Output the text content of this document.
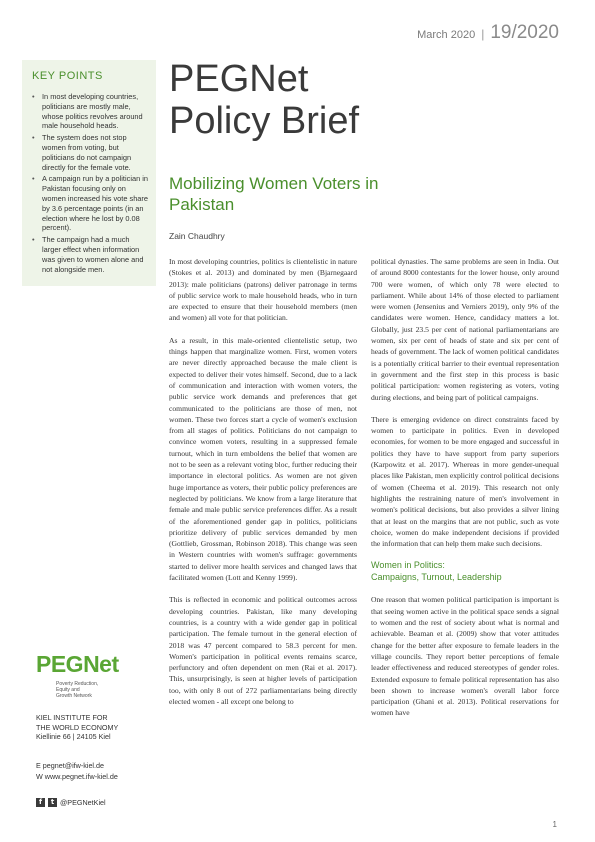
March 2020 | 19/2020
KEY POINTS
• In most developing countries, politicians are mostly male, whose politics revolves around male household heads.
• The system does not stop women from voting, but politicians do not campaign directly for the female vote.
• A campaign run by a politician in Pakistan focusing only on women increased his vote share by 3.6 percentage points (in an election where he lost by 0.08 percent).
• The campaign had a much larger effect when information was given to women alone and not alongside men.
PEGNet
Policy Brief
Mobilizing Women Voters in Pakistan
Zain Chaudhry

In most developing countries, politics is clientelistic in nature (Stokes et al. 2013) and dominated by men (Bjarnegaard 2013): male politicians (patrons) deliver patronage in terms of public service work to male household heads, who in turn are expected to ensure that their household members (men and women) all vote for that politician.

As a result, in this male-oriented clientelistic setup, two things happen that marginalize women. First, women voters are never directly approached because the male client is expected to deliver their votes himself. Second, due to a lack of communication and interaction with women voters, the public service work demands and preferences that get communicated to the politicians are those of men, not women. These two forces start a cycle of women's exclusion from all stages of politics. Politicians do not campaign to convince women voters, resulting in a suppressed female turnout, which in turn emboldens the belief that women are not to be seen as a relevant voting bloc, further reducing their importance in electoral politics. As women are not given huge importance as voters, their public policy preferences are neglected by politicians. We know from a large literature that female and male public service preferences differ. As a result of the aforementioned gender gap in politics, politicians prioritize delivery of public services demanded by men (Gottlieb, Grossman, Robinson 2018). This change was seen in Western countries with women's suffrage: governments started to deliver more health services and changed laws that facilitated women (Lott and Kenny 1999).

This is reflected in economic and political outcomes across developing countries. Pakistan, like many developing countries, is a country with a wide gender gap in political participation. The female turnout in the general election of 2018 was 47 percent compared to 58.3 percent for men. Women's participation in political events remains scarce, perfunctory and often dependent on men (Rai et al. 2017). This, unsurprisingly, is seen at higher levels of participation too, with only 8 out of 272 parliamentarians being directly elected women - all except one belong to

political dynasties. The same problems are seen in India. Out of around 8000 contestants for the lower house, only around 700 were women, of which only 78 were elected to parliament. While about 14% of those elected to parliament were women (Jensenius and Verniers 2019), only 9% of the candidates were women. Hence, candidacy matters a lot. Globally, just 23.5 per cent of national parliamentarians are women, six per cent of heads of state and six per cent of heads of government. The lack of women political candidates is a potentially critical barrier to their eventual representation in government and the first step in this process is basic political participation: women registering as voters, voting during elections, and being part of political campaigns.

There is emerging evidence on direct constraints faced by women to participate in politics. Even in developed economies, for women to be more engaged and successful in politics they have to have support from party superiors (Karpowitz et al. 2017). Whereas in more gender-unequal places like Pakistan, men explicitly control political decisions of women (Cheema et al. 2019). This research not only highlights the restraining nature of men's involvement in women's political decisions, but also provides a silver lining that at least on the margins that are not public, such as vote choice, women do make independent decisions if provided the information that can help them make such decisions.

Women in Politics:
Campaigns, Turnout, Leadership

One reason that women political participation is important is that seeing women active in the political space sends a signal to women and the rest of society about what is normal and achievable. Beaman et al. (2009) show that voter attitudes change for the better after exposure to female leaders in the village councils. They report better perceptions of female leader effectiveness and reduced stereotypes of gender roles. Extended exposure to female political representation has also been shown to increase women's overall labor force participation (Ghani et al. 2013). Political reservations for women have

PEGNet
Poverty Reduction,
Equity and
Growth Network
KIEL INSTITUTE FOR
THE WORLD ECONOMY
Kiellinie 66 | 24105 Kiel
E pegnet@ifw-kiel.de
W www.pegnet.ifw-kiel.de
f	t @PEGNetKiel
1
